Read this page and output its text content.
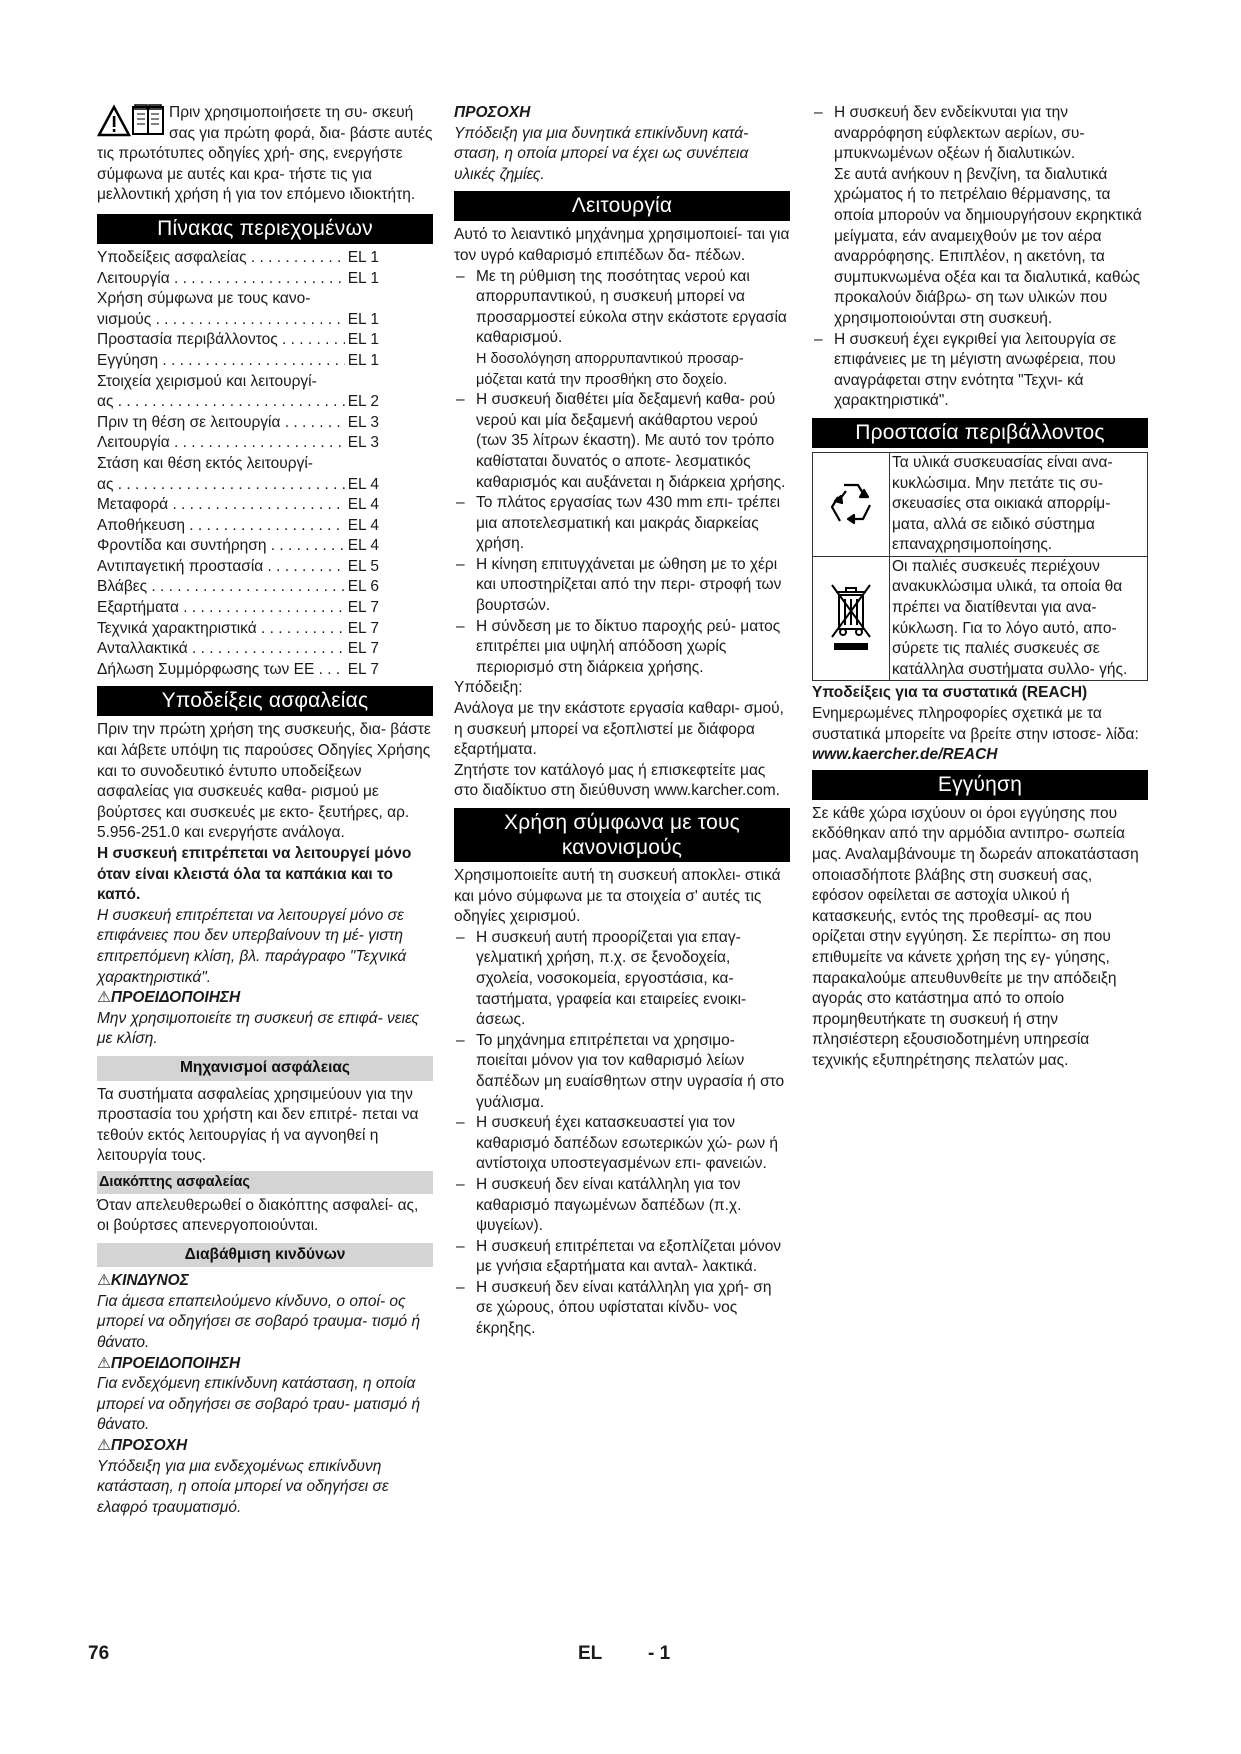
Πριν χρησιμοποιήσετε τη συ- σκευή σας για πρώτη φορά, δια- βάστε αυτές τις πρωτότυπες οδηγίες χρή- σης, ενεργήστε σύμφωνα με αυτές και κρα- τήστε τις για μελλοντική χρήση ή για τον επόμενο ιδιοκτήτη.

Πίνακας περιεχομένων
Υποδείξεις ασφαλείας . . .	EL 1
Λειτουργία . . .	EL 1
Χρήση σύμφωνα με τους κανο-
νισμούς . . .	EL 1
Προστασία περιβάλλοντος . . .	EL 1
Εγγύηση . . .	EL 1
Στοιχεία χειρισμού και λειτουργί-
ας . . .	EL 2
Πριν τη θέση σε λειτουργία . . .	EL 3
Λειτουργία . . .	EL 3
Στάση και θέση εκτός λειτουργί-
ας . . .	EL 4
Μεταφορά . . .	EL 4
Αποθήκευση . . .	EL 4
Φροντίδα και συντήρηση . . .	EL 4
Αντιπαγετική προστασία . . .	EL 5
Βλάβες . . .	EL 6
Εξαρτήματα . . .	EL 7
Τεχνικά χαρακτηριστικά . . .	EL 7
Ανταλλακτικά . . .	EL 7
Δήλωση Συμμόρφωσης των ΕΕ . . .	EL 7
Υποδείξεις ασφαλείας

Πριν την πρώτη χρήση της συσκευής, δια- βάστε και λάβετε υπόψη τις παρούσες Οδηγίες Χρήσης και το συνοδευτικό έντυπο υποδείξεων ασφαλείας για συσκευές καθα- ρισμού με βούρτσες και συσκευές με εκτο- ξευτήρες, αρ. 5.956-251.0 και ενεργήστε ανάλογα.

Η συσκευή επιτρέπεται να λειτουργεί μόνο όταν είναι κλειστά όλα τα καπάκια και το καπό.

Η συσκευή επιτρέπεται να λειτουργεί μόνο σε επιφάνειες που δεν υπερβαίνουν τη μέ- γιστη επιτρεπόμενη κλίση, βλ. παράγραφο "Τεχνικά χαρακτηριστικά".

⚠ΠΡΟΕΙΔΟΠΟΙΗΣΗ

Μην χρησιμοποιείτε τη συσκευή σε επιφά- νειες με κλίση.

Μηχανισμοί ασφάλειας

Τα συστήματα ασφαλείας χρησιμεύουν για την προστασία του χρήστη και δεν επιτρέ- πεται να τεθούν εκτός λειτουργίας ή να αγνοηθεί η λειτουργία τους.

Διακόπτης ασφαλείας

Όταν απελευθερωθεί ο διακόπτης ασφαλεί- ας, οι βούρτσες απενεργοποιούνται.

Διαβάθμιση κινδύνων

⚠ΚΙΝΔΥΝΟΣ

Για άμεσα επαπειλούμενο κίνδυνο, ο οποί- ος μπορεί να οδηγήσει σε σοβαρό τραυμα- τισμό ή θάνατο.

⚠ΠΡΟΕΙΔΟΠΟΙΗΣΗ

Για ενδεχόμενη επικίνδυνη κατάσταση, η οποία μπορεί να οδηγήσει σε σοβαρό τραυ- ματισμό ή θάνατο.

⚠ΠΡΟΣΟΧΗ

Υπόδειξη για μια ενδεχομένως επικίνδυνη κατάσταση, η οποία μπορεί να οδηγήσει σε ελαφρό τραυματισμό.

ΠΡΟΣΟΧΗ

Υπόδειξη για μια δυνητικά επικίνδυνη κατά- σταση, η οποία μπορεί να έχει ως συνέπεια υλικές ζημίες.

Λειτουργία

Αυτό το λειαντικό μηχάνημα χρησιμοποιεί- ται για τον υγρό καθαρισμό επιπέδων δα- πέδων.

– Με τη ρύθμιση της ποσότητας νερού και απορρυπαντικού, η συσκευή μπορεί να προσαρμοστεί εύκολα στην εκάστοτε εργασία καθαρισμού.
Η δοσολόγηση απορρυπαντικού προσαρ- μόζεται κατά την προσθήκη στο δοχείο.
– Η συσκευή διαθέτει μία δεξαμενή καθα- ρού νερού και μία δεξαμενή ακάθαρτου νερού (των 35 λίτρων έκαστη). Με αυτό τον τρόπο καθίσταται δυνατός ο αποτε- λεσματικός καθαρισμός και αυξάνεται η διάρκεια χρήσης.
– Το πλάτος εργασίας των 430 mm επι- τρέπει μια αποτελεσματική και μακράς διαρκείας χρήση.
– Η κίνηση επιτυγχάνεται με ώθηση με το χέρι και υποστηρίζεται από την περι- στροφή των βουρτσών.
– Η σύνδεση με το δίκτυο παροχής ρεύ- ματος επιτρέπει μια υψηλή απόδοση χωρίς περιορισμό στη διάρκεια χρήσης.

Υπόδειξη:

Ανάλογα με την εκάστοτε εργασία καθαρι- σμού, η συσκευή μπορεί να εξοπλιστεί με διάφορα εξαρτήματα.

Ζητήστε τον κατάλογό μας ή επισκεφτείτε μας στο διαδίκτυο στη διεύθυνση www.karcher.com.

Χρήση σύμφωνα με τους
κανονισμούς

Χρησιμοποιείτε αυτή τη συσκευή αποκλει- στικά και μόνο σύμφωνα με τα στοιχεία σ' αυτές τις οδηγίες χειρισμού.

– Η συσκευή αυτή προορίζεται για επαγ- γελματική χρήση, π.χ. σε ξενοδοχεία, σχολεία, νοσοκομεία, εργοστάσια, κα- ταστήματα, γραφεία και εταιρείες ενοικι- άσεως.
– Το μηχάνημα επιτρέπεται να χρησιμο- ποιείται μόνον για τον καθαρισμό λείων δαπέδων μη ευαίσθητων στην υγρασία ή στο γυάλισμα.
– Η συσκευή έχει κατασκευαστεί για τον καθαρισμό δαπέδων εσωτερικών χώ- ρων ή αντίστοιχα υποστεγασμένων επι- φανειών.
– Η συσκευή δεν είναι κατάλληλη για τον καθαρισμό παγωμένων δαπέδων (π.χ. ψυγείων).
– Η συσκευή επιτρέπεται να εξοπλίζεται μόνον με γνήσια εξαρτήματα και ανταλ- λακτικά.
– Η συσκευή δεν είναι κατάλληλη για χρή- ση σε χώρους, όπου υφίσταται κίνδυ- νος έκρηξης.
– Η συσκευή δεν ενδείκνυται για την αναρρόφηση εύφλεκτων αερίων, συ- μπυκνωμένων οξέων ή διαλυτικών.
Σε αυτά ανήκουν η βενζίνη, τα διαλυτικά χρώματος ή το πετρέλαιο θέρμανσης, τα οποία μπορούν να δημιουργήσουν εκρηκτικά μείγματα, εάν αναμειχθούν με τον αέρα αναρρόφησης. Επιπλέον, η ακετόνη, τα συμπυκνωμένα οξέα και τα διαλυτικά, καθώς προκαλούν διάβρω- ση των υλικών που χρησιμοποιούνται στη συσκευή.
– Η συσκευή έχει εγκριθεί για λειτουργία σε επιφάνειες με τη μέγιστη ανωφέρεια, που αναγράφεται στην ενότητα "Τεχνι- κά χαρακτηριστικά".
Προστασία περιβάλλοντος

Τα υλικά συσκευασίας είναι ανα- κυκλώσιμα. Μην πετάτε τις συ- σκευασίες στα οικιακά απορρίμ- ματα, αλλά σε ειδικό σύστημα επαναχρησιμοποίησης.

Οι παλιές συσκευές περιέχουν ανακυκλώσιμα υλικά, τα οποία θα πρέπει να διατίθενται για ανα- κύκλωση. Για το λόγο αυτό, απο- σύρετε τις παλιές συσκευές σε κατάλληλα συστήματα συλλο- γής.

Υποδείξεις για τα συστατικά (REACH)

Ενημερωμένες πληροφορίες σχετικά με τα συστατικά μπορείτε να βρείτε στην ιστοσε- λίδα:

www.kaercher.de/REACH

Εγγύηση

Σε κάθε χώρα ισχύουν οι όροι εγγύησης που εκδόθηκαν από την αρμόδια αντιπρο- σωπεία μας. Αναλαμβάνουμε τη δωρεάν αποκατάσταση οποιασδήποτε βλάβης στη συσκευή σας, εφόσον οφείλεται σε αστοχία υλικού ή κατασκευής, εντός της προθεσμί- ας που ορίζεται στην εγγύηση. Σε περίπτω- ση που επιθυμείτε να κάνετε χρήση της εγ- γύησης, παρακαλούμε απευθυνθείτε με την απόδειξη αγοράς στο κατάστημα από το οποίο προμηθευτήκατε τη συσκευή ή στην πλησιέστερη εξουσιοδοτημένη υπηρεσία τεχνικής εξυπηρέτησης πελατών μας.

76	EL - 1
